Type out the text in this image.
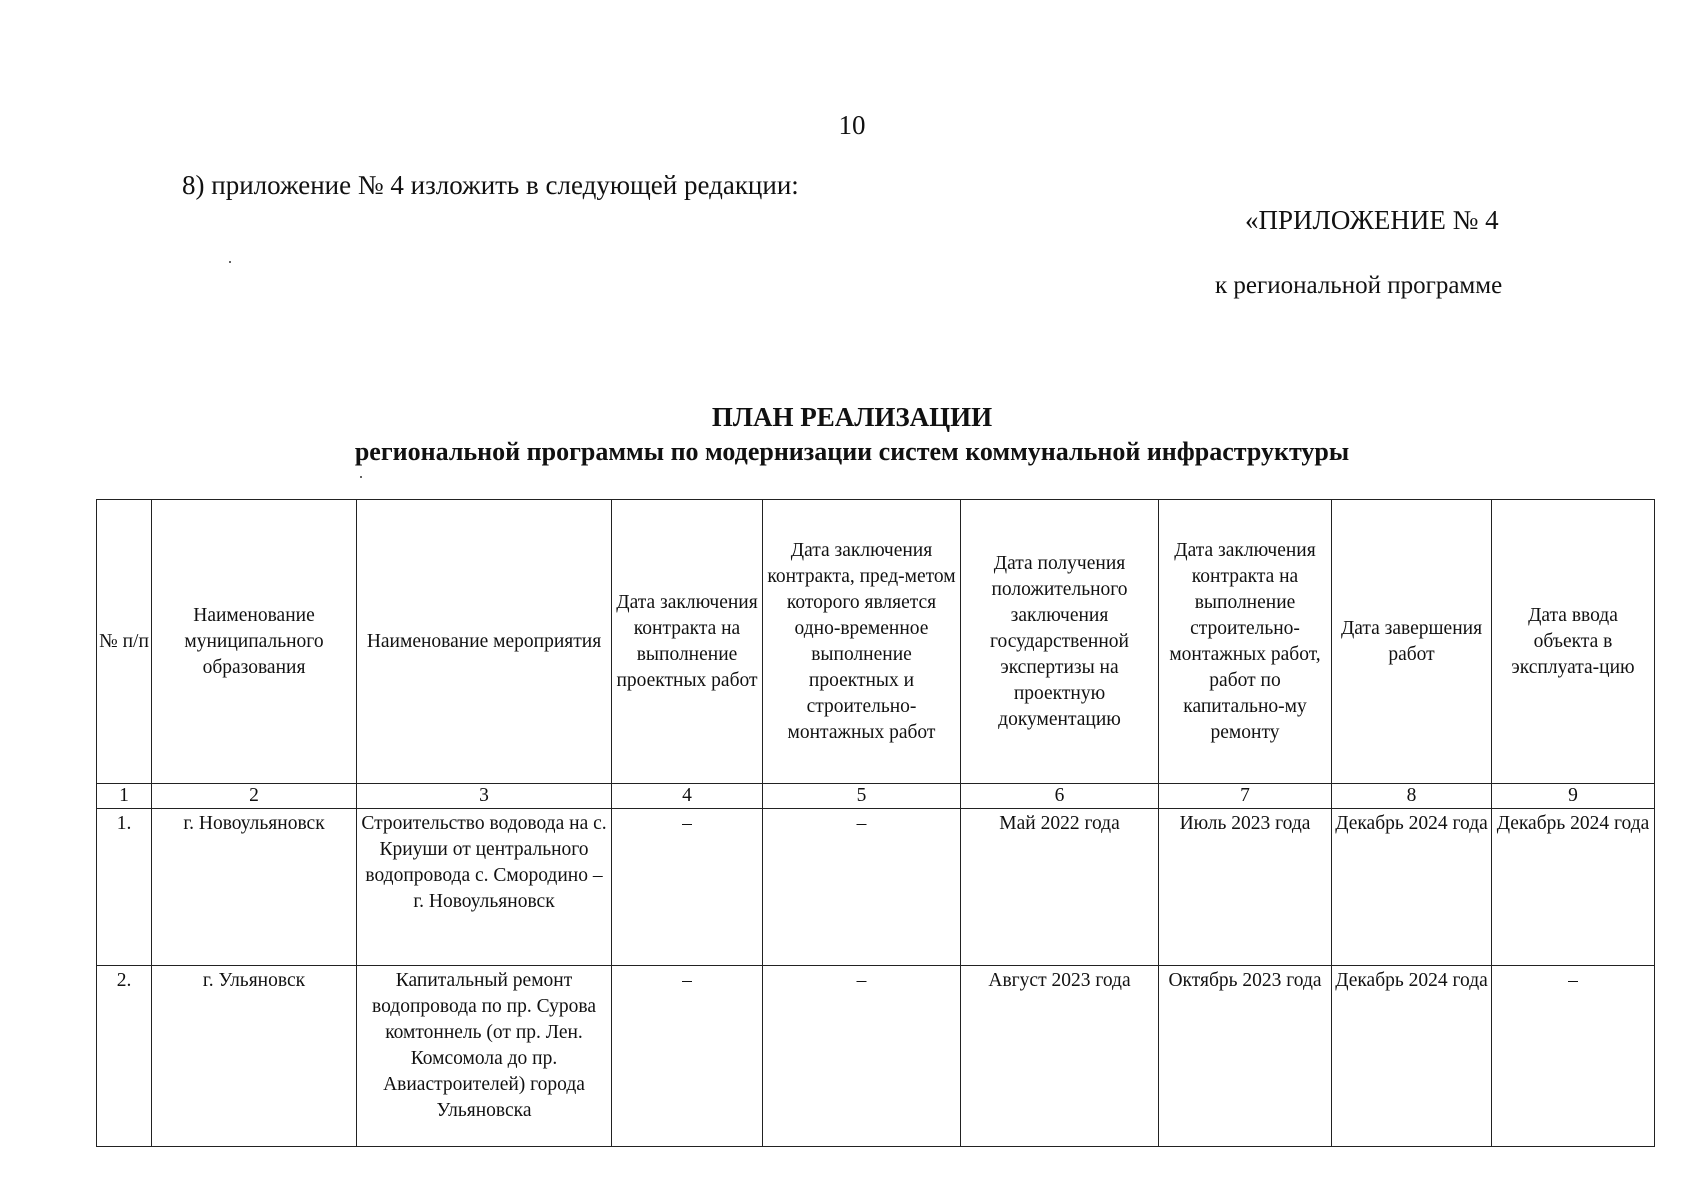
10
8) приложение № 4 изложить в следующей редакции:
«ПРИЛОЖЕНИЕ № 4
к региональной программе
ПЛАН РЕАЛИЗАЦИИ
региональной программы по модернизации систем коммунальной инфраструктуры
№ п/п	Наименование муниципального образования	Наименование мероприятия	Дата заключения контракта на выполнение проектных работ	Дата заключения контракта, пред-метом которого является одно-временное выполнение проектных и строительно-монтажных работ	Дата получения положительного заключения государственной экспертизы на проектную документацию	Дата заключения контракта на выполнение строительно-монтажных работ, работ по капитально-му ремонту	Дата завершения работ	Дата ввода объекта в эксплуата-цию
1	2	3	4	5	6	7	8	9
1.	г. Новоульяновск	Строительство водовода на с. Криуши от центрального водопровода с. Смородино – г. Новоульяновск	–	–	Май 2022 года	Июль 2023 года	Декабрь 2024 года	Декабрь 2024 года
2.	г. Ульяновск	Капитальный ремонт водопровода по пр. Сурова комтоннель (от пр. Лен. Комсомола до пр. Авиастроителей) города Ульяновска	–	–	Август 2023 года	Октябрь 2023 года	Декабрь 2024 года	–
